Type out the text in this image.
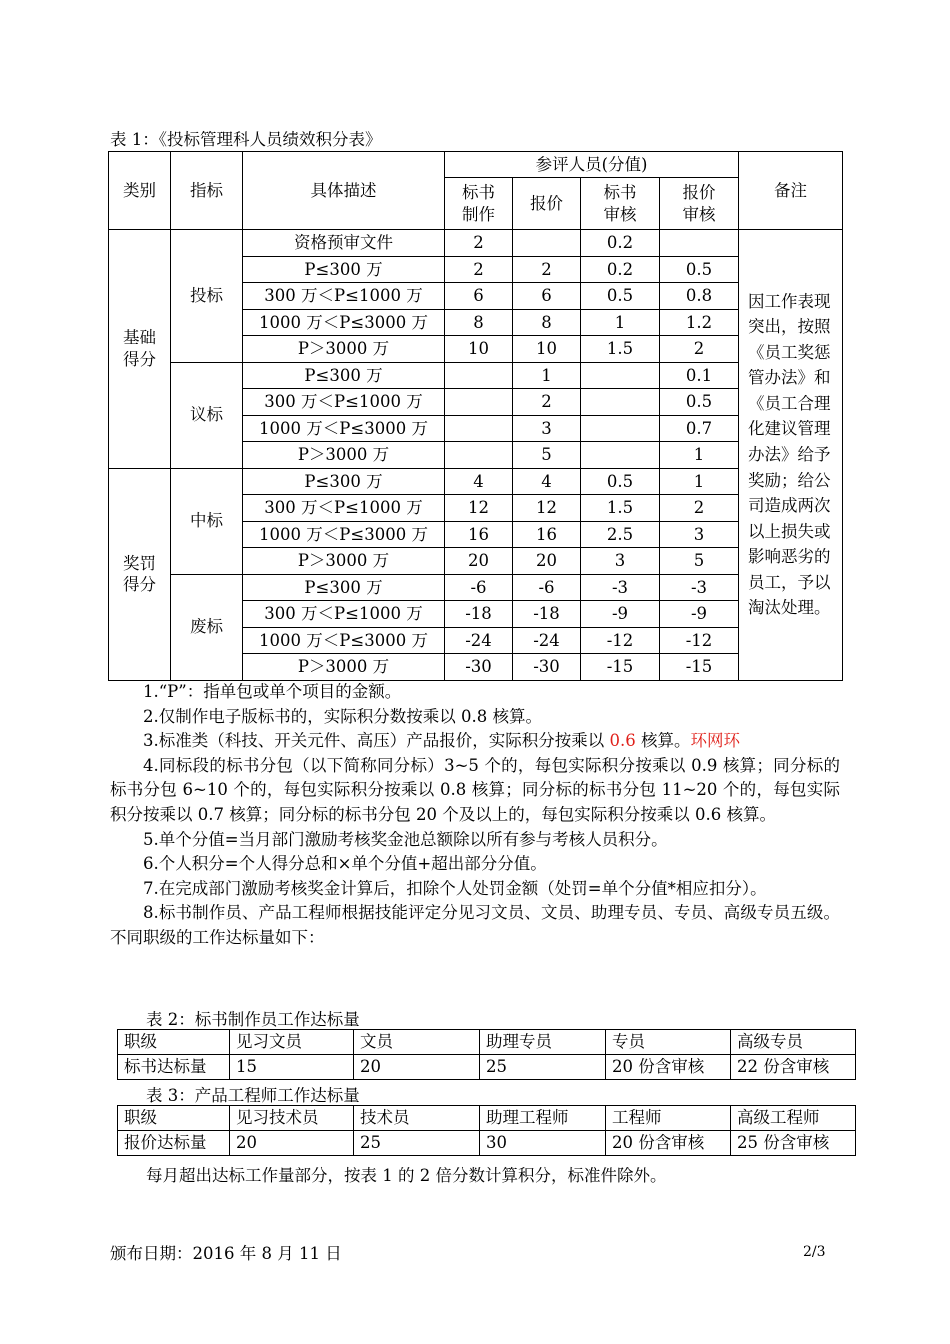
表 1：《投标管理科人员绩效积分表》
类别	指标	具体描述	参评人员(分值)				备注
			标书制作	报价	标书审核	报价审核	
基础得分	投标	资格预审文件	2		0.2		因工作表现突出，按照《员工奖惩管办法》和《员工合理化建议管理办法》给予奖励；给公司造成两次以上损失或影响恶劣的员工，予以淘汰处理。
		P≤300 万	2	2	0.2	0.5	
		300 万＜P≤1000 万	6	6	0.5	0.8	
		1000 万＜P≤3000 万	8	8	1	1.2	
		P＞3000 万	10	10	1.5	2	
	议标	P≤300 万		1		0.1	
		300 万＜P≤1000 万		2		0.5	
		1000 万＜P≤3000 万		3		0.7	
		P＞3000 万		5		1	
奖罚得分	中标	P≤300 万	4	4	0.5	1	
		300 万＜P≤1000 万	12	12	1.5	2	
		1000 万＜P≤3000 万	16	16	2.5	3	
		P＞3000 万	20	20	3	5	
	废标	P≤300 万	-6	-6	-3	-3	
		300 万＜P≤1000 万	-18	-18	-9	-9	
		1000 万＜P≤3000 万	-24	-24	-12	-12	
		P＞3000 万	-30	-30	-15	-15	

1.“P”：指单包或单个项目的金额。

2.仅制作电子版标书的，实际积分数按乘以 0.8 核算。

3.标准类（科技、开关元件、高压）产品报价，实际积分按乘以 0.6 核算。环网环

4.同标段的标书分包（以下简称同分标）3~5 个的，每包实际积分按乘以 0.9 核算；同分标的标书分包 6~10 个的，每包实际积分按乘以 0.8 核算；同分标的标书分包 11~20 个的，每包实际积分按乘以 0.7 核算；同分标的标书分包 20 个及以上的，每包实际积分按乘以 0.6 核算。

5.单个分值=当月部门激励考核奖金池总额除以所有参与考核人员积分。

6.个人积分=个人得分总和×单个分值+超出部分分值。

7.在完成部门激励考核奖金计算后，扣除个人处罚金额（处罚=单个分值*相应扣分）。

8.标书制作员、产品工程师根据技能评定分见习文员、文员、助理专员、专员、高级专员五级。不同职级的工作达标量如下：

表 2：标书制作员工作达标量
职级	见习文员	文员	助理专员	专员	高级专员
标书达标量	15	20	25	20 份含审核	22 份含审核
表 3：产品工程师工作达标量
职级	见习技术员	技术员	助理工程师	工程师	高级工程师
报价达标量	20	25	30	20 份含审核	25 份含审核
每月超出达标工作量部分，按表 1 的 2 倍分数计算积分，标准件除外。
颁布日期：2016 年 8 月 11 日	2/3
